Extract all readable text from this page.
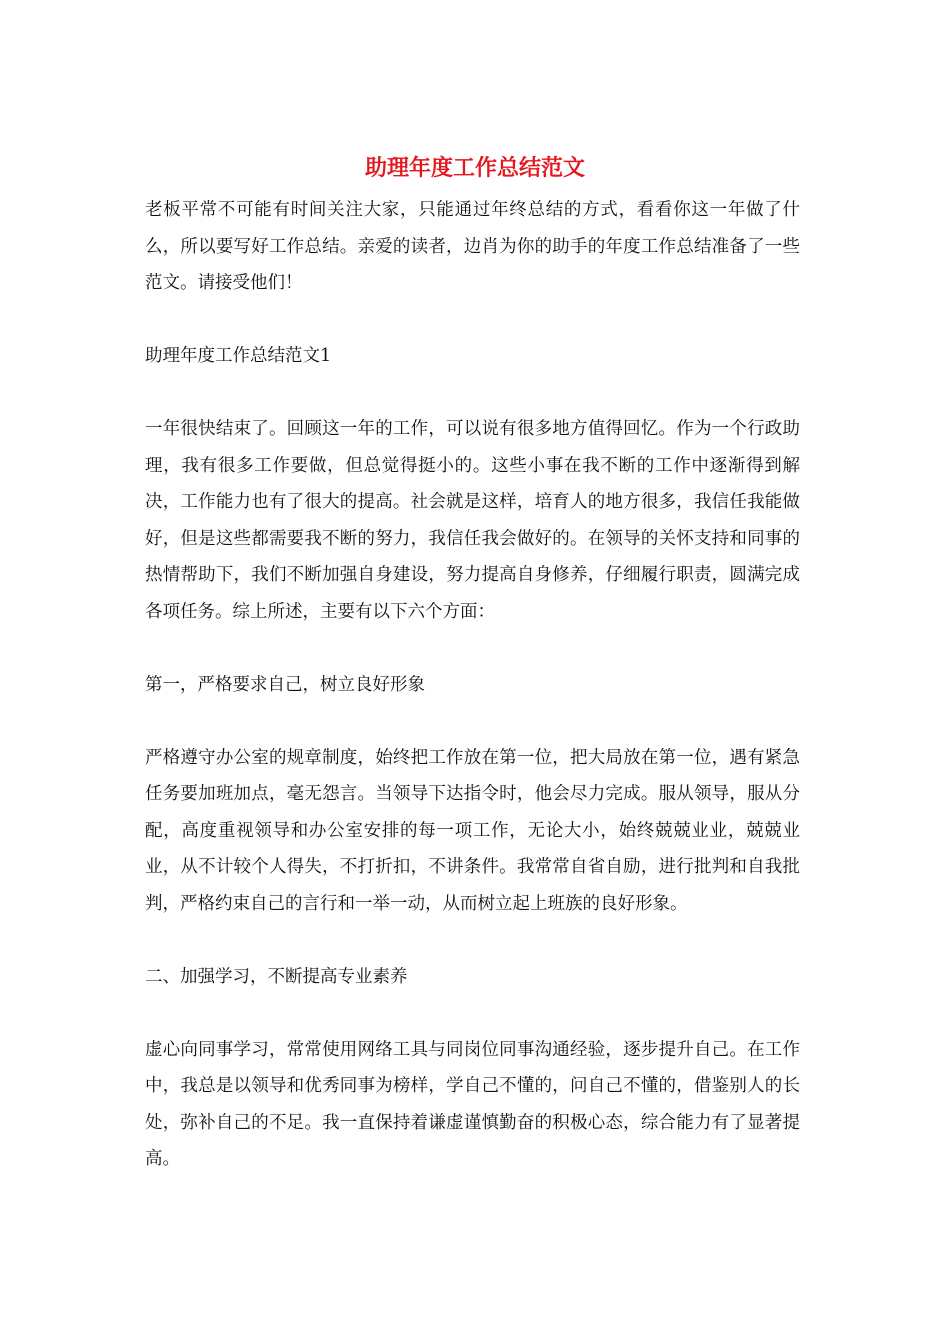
助理年度工作总结范文

老板平常不可能有时间关注大家，只能通过年终总结的方式，看看你这一年做了什么，所以要写好工作总结。亲爱的读者，边肖为你的助手的年度工作总结准备了一些范文。请接受他们！

助理年度工作总结范文1

一年很快结束了。回顾这一年的工作，可以说有很多地方值得回忆。作为一个行政助理，我有很多工作要做，但总觉得挺小的。这些小事在我不断的工作中逐渐得到解决，工作能力也有了很大的提高。社会就是这样，培育人的地方很多，我信任我能做好，但是这些都需要我不断的努力，我信任我会做好的。在领导的关怀支持和同事的热情帮助下，我们不断加强自身建设，努力提高自身修养，仔细履行职责，圆满完成各项任务。综上所述，主要有以下六个方面：

第一，严格要求自己，树立良好形象

严格遵守办公室的规章制度，始终把工作放在第一位，把大局放在第一位，遇有紧急任务要加班加点，毫无怨言。当领导下达指令时，他会尽力完成。服从领导，服从分配，高度重视领导和办公室安排的每一项工作，无论大小，始终兢兢业业，兢兢业业，从不计较个人得失，不打折扣，不讲条件。我常常自省自励，进行批判和自我批判，严格约束自己的言行和一举一动，从而树立起上班族的良好形象。

二、加强学习，不断提高专业素养

虚心向同事学习，常常使用网络工具与同岗位同事沟通经验，逐步提升自己。在工作中，我总是以领导和优秀同事为榜样，学自己不懂的，问自己不懂的，借鉴别人的长处，弥补自己的不足。我一直保持着谦虚谨慎勤奋的积极心态，综合能力有了显著提高。
